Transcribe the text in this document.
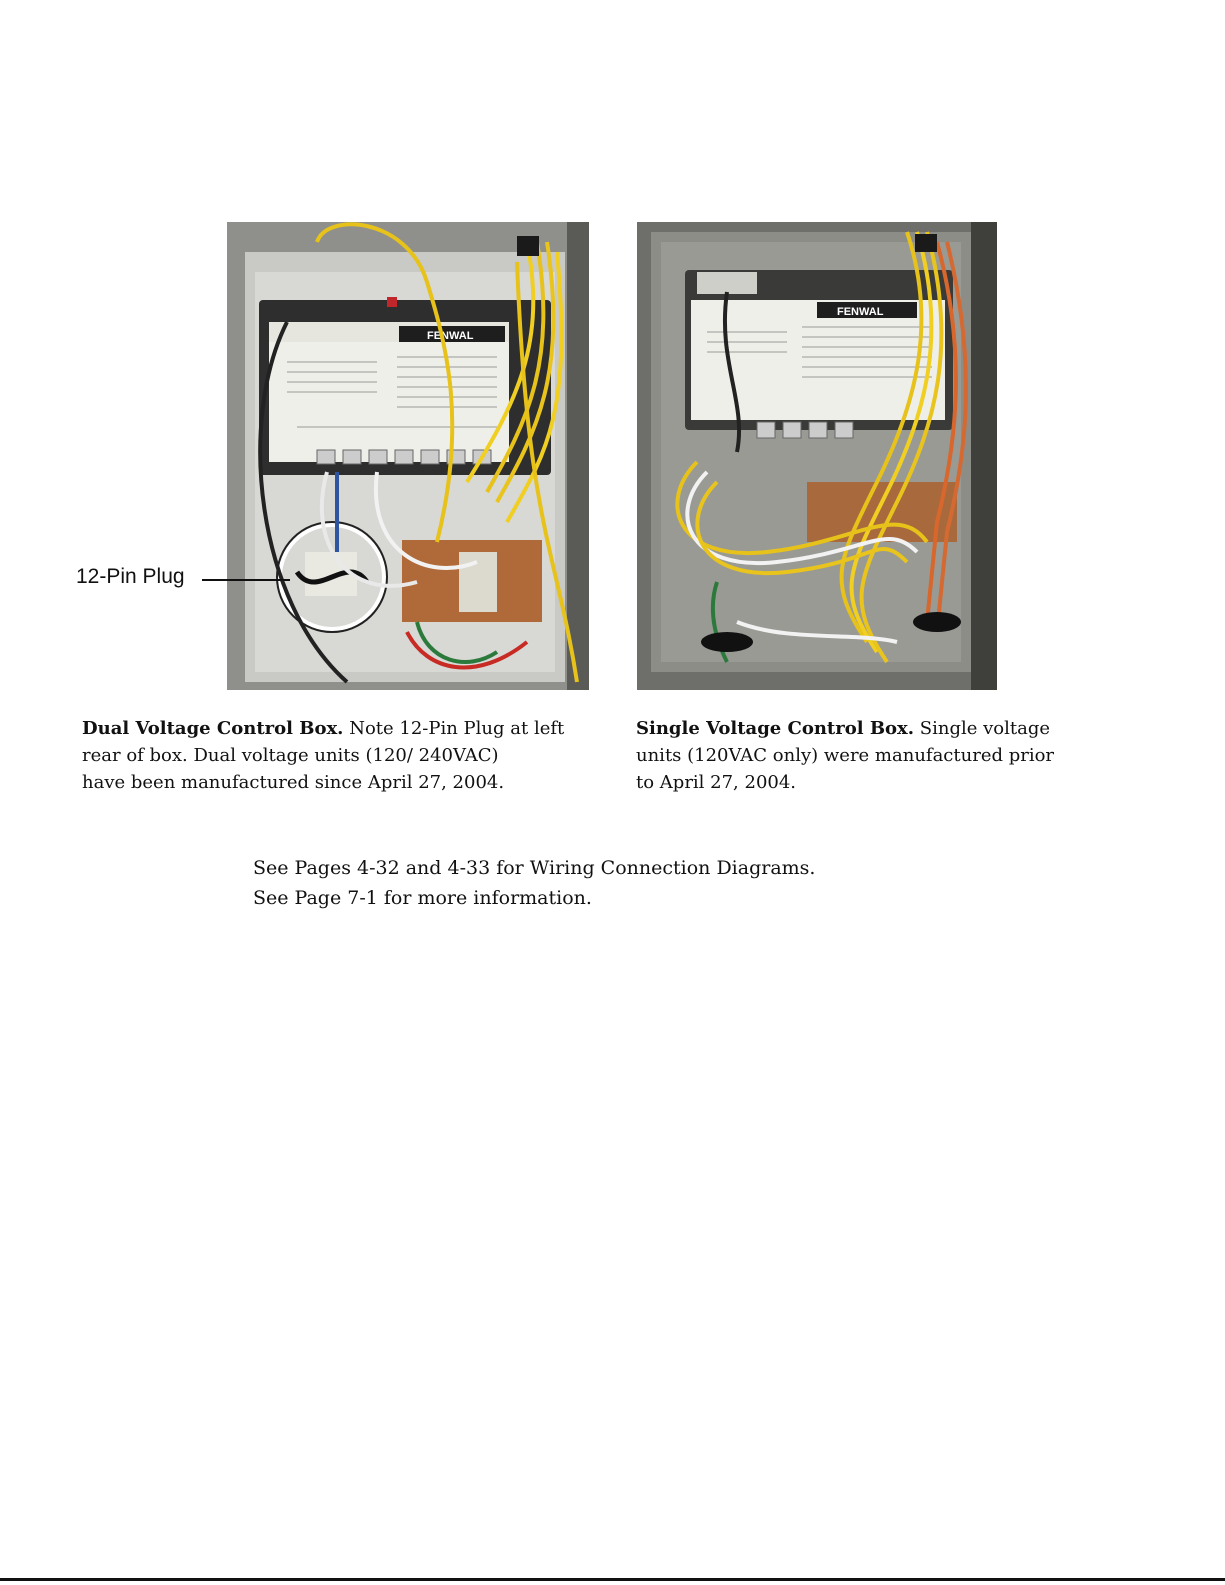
FENWAL
12-Pin Plug
FENWAL
Dual Voltage Control Box. Note 12-Pin Plug at left
rear of box. Dual voltage units (120/ 240VAC)
have been manufactured since April 27, 2004.
Single Voltage Control Box. Single voltage
units (120VAC only) were manufactured prior
to April 27, 2004.
See Pages 4-32 and 4-33 for Wiring Connection Diagrams.
See Page 7-1 for more information.
